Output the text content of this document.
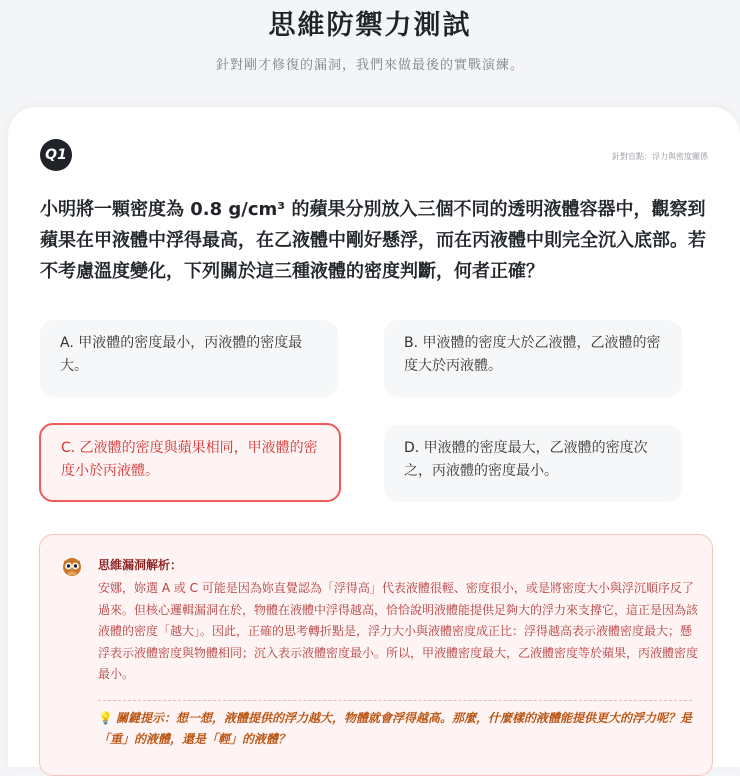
思維防禦力測試
針對剛才修復的漏洞，我們來做最後的實戰演練。
Q1	針對盲點：浮力與密度關係
小明將一顆密度為 0.8 g/cm³ 的蘋果分別放入三個不同的透明液體容器中，觀察到蘋果在甲液體中浮得最高，在乙液體中剛好懸浮，而在丙液體中則完全沉入底部。若不考慮溫度變化，下列關於這三種液體的密度判斷，何者正確？
A. 甲液體的密度最小，丙液體的密度最大。
B. 甲液體的密度大於乙液體，乙液體的密度大於丙液體。
C. 乙液體的密度與蘋果相同，甲液體的密度小於丙液體。
D. 甲液體的密度最大，乙液體的密度次之，丙液體的密度最小。
思維漏洞解析：
安娜，妳選 A 或 C 可能是因為妳直覺認為「浮得高」代表液體很輕、密度很小，或是將密度大小與浮沉順序反了過來。但核心邏輯漏洞在於，物體在液體中浮得越高，恰恰說明液體能提供足夠大的浮力來支撐它，這正是因為該液體的密度「越大」。因此，正確的思考轉折點是，浮力大小與液體密度成正比：浮得越高表示液體密度最大；懸浮表示液體密度與物體相同；沉入表示液體密度最小。所以，甲液體密度最大，乙液體密度等於蘋果，丙液體密度最小。
💡 關鍵提示：想一想，液體提供的浮力越大，物體就會浮得越高。那麼，什麼樣的液體能提供更大的浮力呢？是「重」的液體，還是「輕」的液體？
